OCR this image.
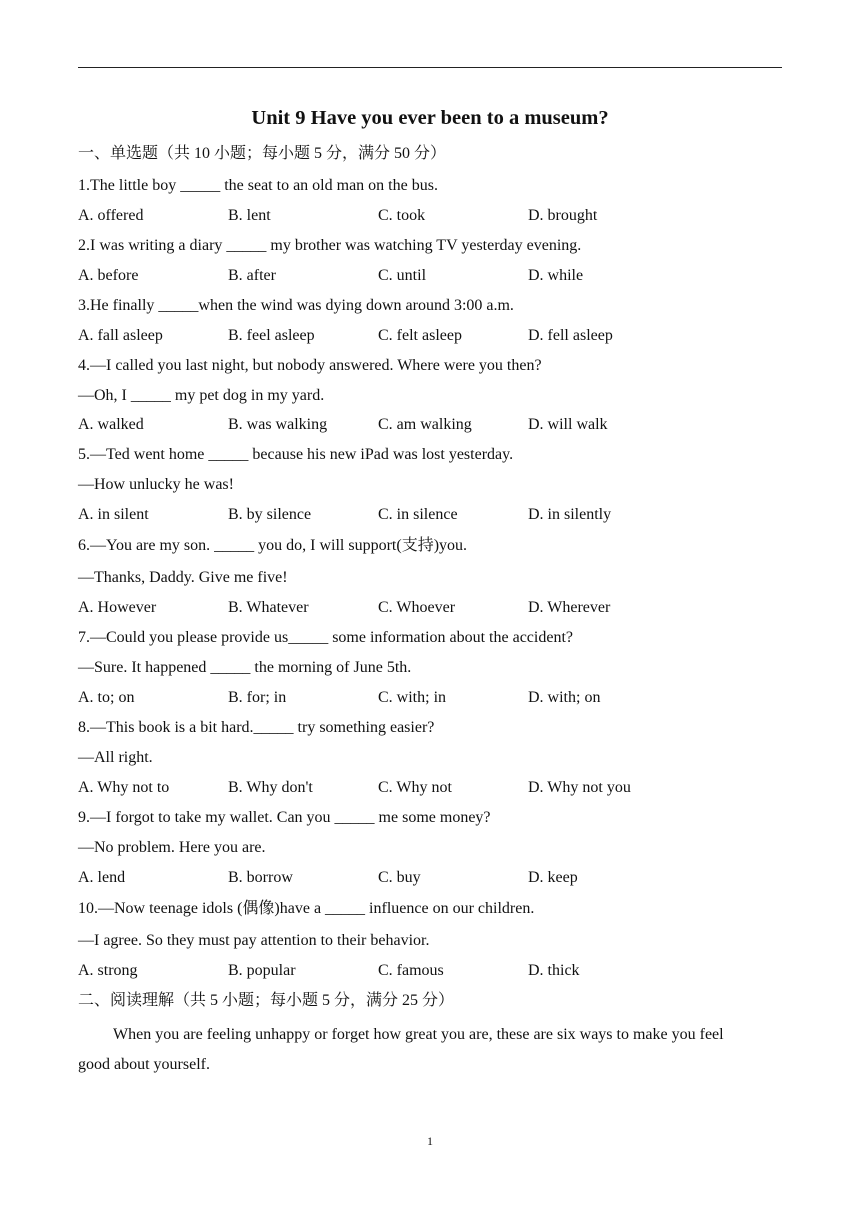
Unit 9 Have you ever been to a museum?
一、单选题（共 10 小题；每小题 5 分，满分 50 分）
1.The little boy _____ the seat to an old man on the bus.
A. offered	B. lent	C. took	D. brought
2.I was writing a diary _____ my brother was watching TV yesterday evening.
A. before	B. after	C. until	D. while
3.He finally _____when the wind was dying down around 3:00 a.m.
A. fall asleep	B. feel asleep	C. felt asleep	D. fell asleep
4.—I called you last night, but nobody answered. Where were you then?
—Oh, I _____ my pet dog in my yard.
A. walked	B. was walking	C. am walking	D. will walk
5.—Ted went home _____ because his new iPad was lost yesterday.
—How unlucky he was!
A. in silent	B. by silence	C. in silence	D. in silently
6.—You are my son. _____ you do, I will support(支持)you.
—Thanks, Daddy. Give me five!
A. However	B. Whatever	C. Whoever	D. Wherever
7.—Could you please provide us_____ some information about the accident?
—Sure. It happened _____ the morning of June 5th.
A. to; on	B. for; in	C. with; in	D. with; on
8.—This book is a bit hard._____ try something easier?
—All right.
A. Why not to	B. Why don't	C. Why not	D. Why not you
9.—I forgot to take my wallet. Can you _____ me some money?
—No problem. Here you are.
A. lend	B. borrow	C. buy	D. keep
10.—Now teenage idols (偶像)have a _____ influence on our children.
—I agree. So they must pay attention to their behavior.
A. strong	B. popular	C. famous	D. thick
二、阅读理解（共 5 小题；每小题 5 分，满分 25 分）
When you are feeling unhappy or forget how great you are, these are six ways to make you feel
good about yourself.
1
